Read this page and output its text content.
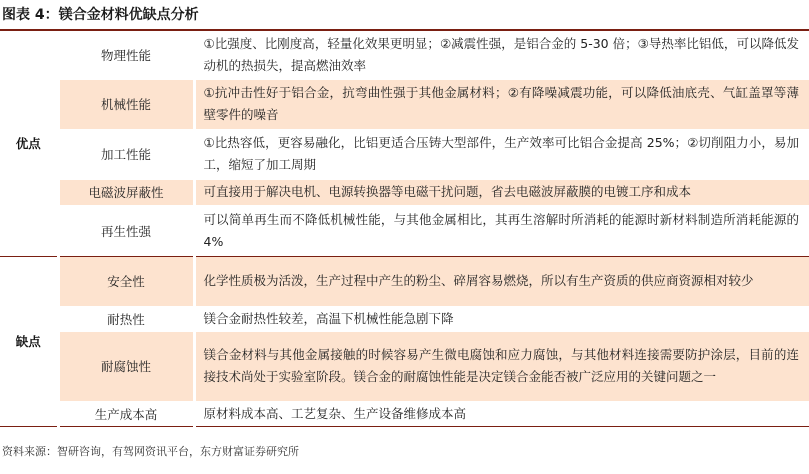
图表 4：镁合金材料优缺点分析
优点	物理性能	①比强度、比刚度高，轻量化效果更明显；②减震性强，是铝合金的 5-30 倍；③导热率比铝低，可以降低发动机的热损失，提高燃油效率
	机械性能	①抗冲击性好于铝合金，抗弯曲性强于其他金属材料；②有降噪减震功能，可以降低油底壳、气缸盖罩等薄壁零件的噪音
	加工性能	①比热容低，更容易融化，比铝更适合压铸大型部件，生产效率可比铝合金提高 25%；②切削阻力小，易加工，缩短了加工周期
	电磁波屏蔽性	可直接用于解决电机、电源转换器等电磁干扰问题，省去电磁波屏蔽膜的电镀工序和成本
	再生性强	可以简单再生而不降低机械性能，与其他金属相比，其再生溶解时所消耗的能源时新材料制造所消耗能源的 4%
缺点	安全性	化学性质极为活泼，生产过程中产生的粉尘、碎屑容易燃烧，所以有生产资质的供应商资源相对较少
	耐热性	镁合金耐热性较差，高温下机械性能急剧下降
	耐腐蚀性	镁合金材料与其他金属接触的时候容易产生微电腐蚀和应力腐蚀，与其他材料连接需要防护涂层，目前的连接技术尚处于实验室阶段。镁合金的耐腐蚀性能是决定镁合金能否被广泛应用的关键问题之一
	生产成本高	原材料成本高、工艺复杂、生产设备维修成本高
资料来源：智研咨询，有驾网资讯平台，东方财富证券研究所
